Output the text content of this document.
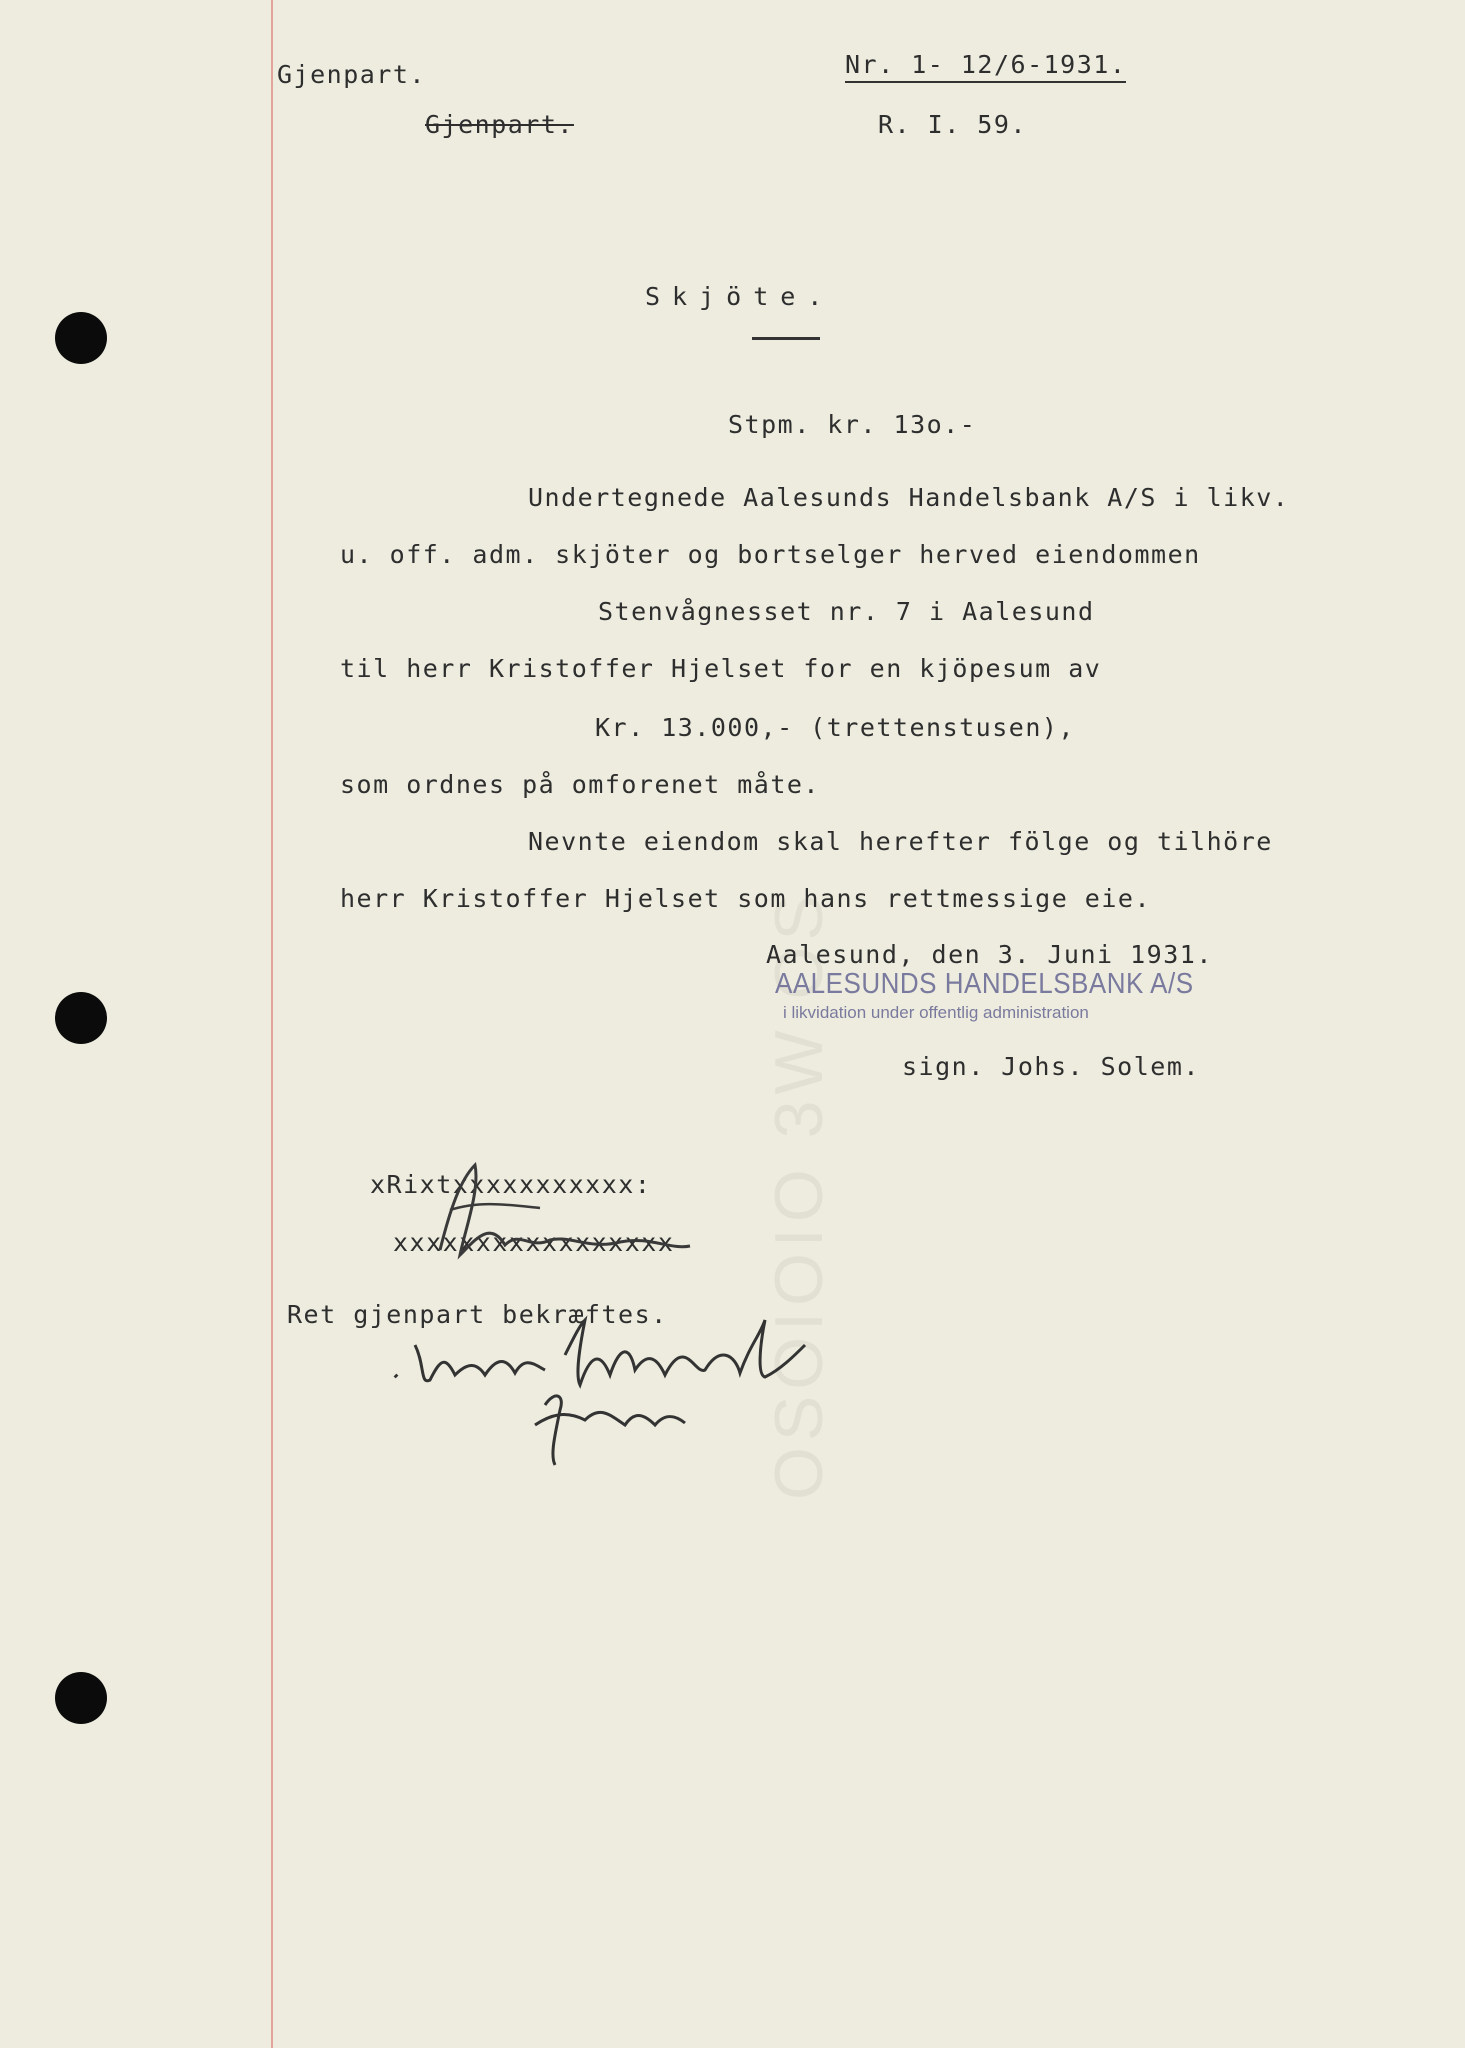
OSOIOIO 3W OS
Gjenpart.
Gjenpart.
Nr. 1- 12/6-1931.
R. I. 59.
Skjöte.
Stpm. kr. 13o.-
Undertegnede Aalesunds Handelsbank A/S i likv.
u. off. adm. skjöter og bortselger herved eiendommen
Stenvågnesset nr. 7 i Aalesund
til herr Kristoffer Hjelset for en kjöpesum av
Kr. 13.000,- (trettenstusen),
som ordnes på omforenet måte.
Nevnte eiendom skal herefter fölge og tilhöre
herr Kristoffer Hjelset som hans rettmessige eie.
Aalesund, den 3. Juni 1931.
AALESUNDS HANDELSBANK A/S
i likvidation under offentlig administration
sign. Johs. Solem.
xRixtxxxxxxxxxxx:
xxxxxxxxxxxxxxxxx
Ret gjenpart bekræftes.
